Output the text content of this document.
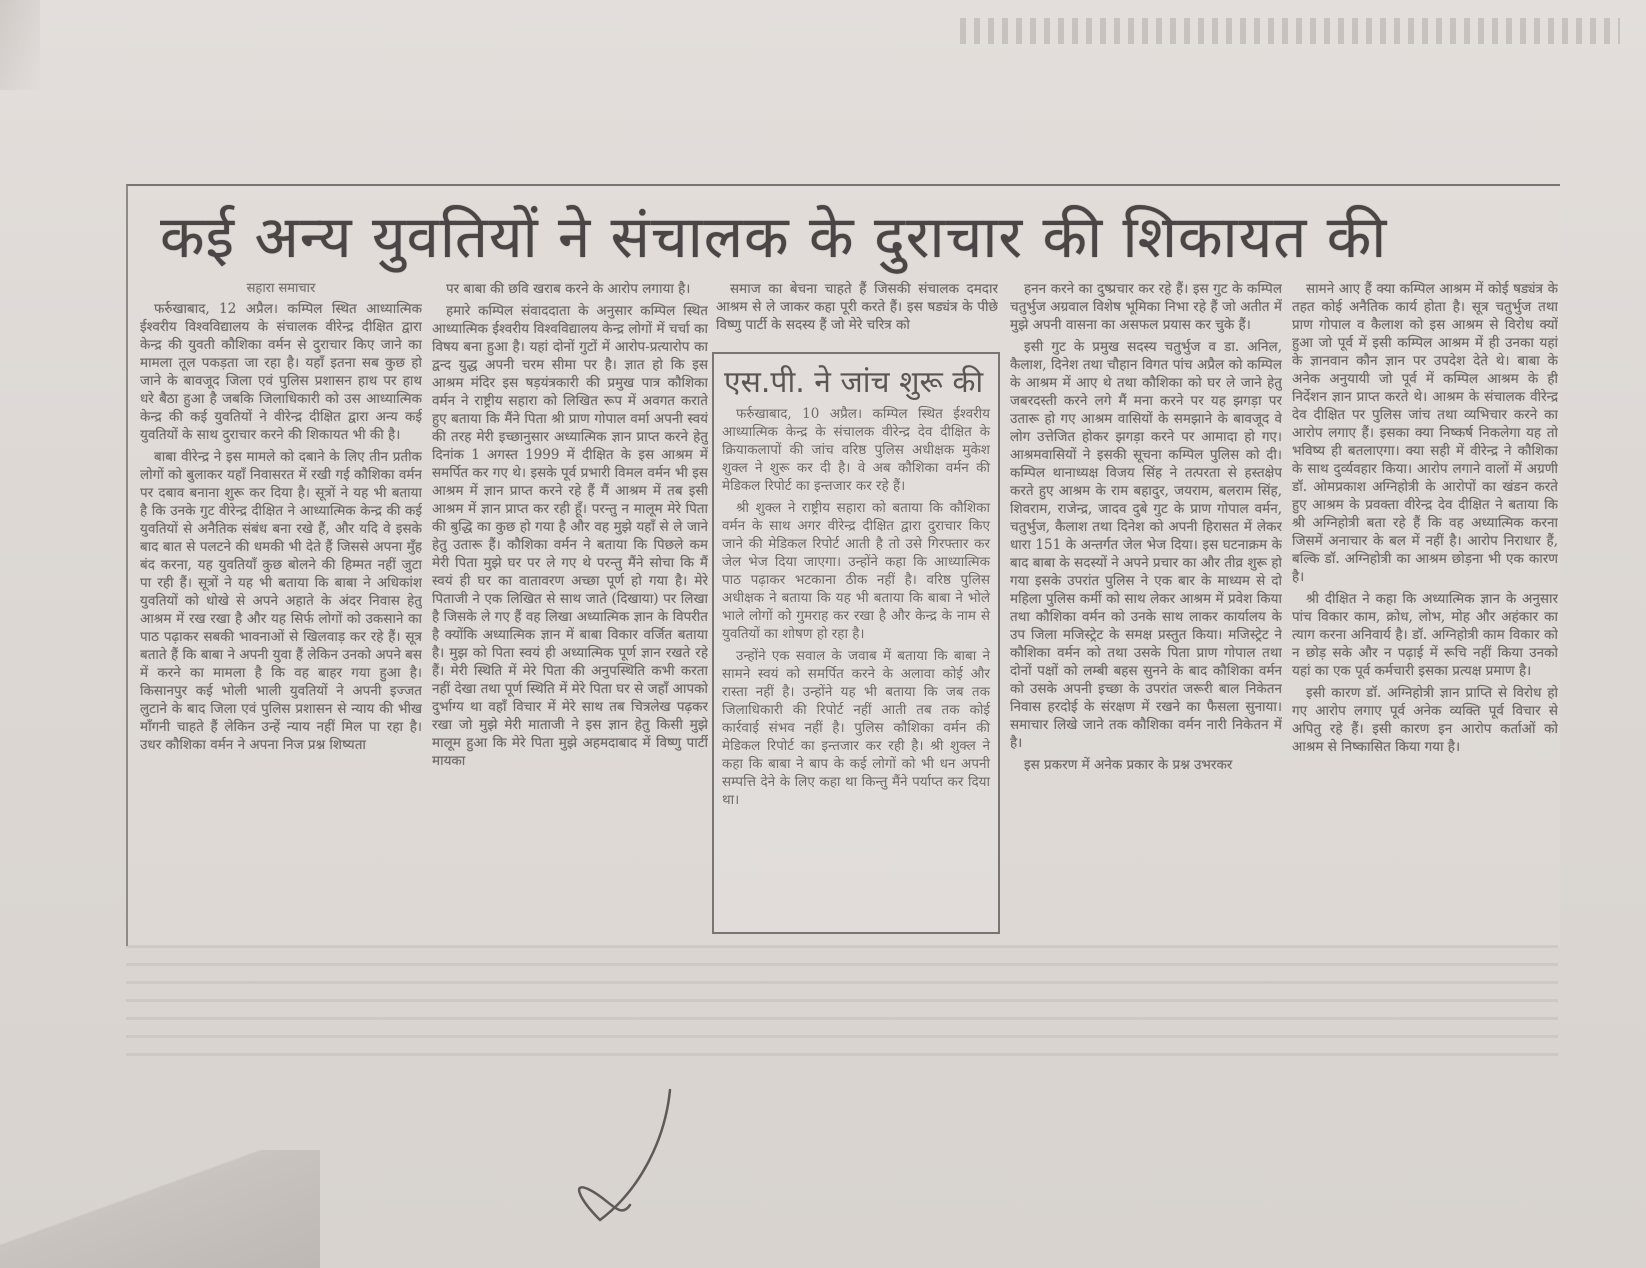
कई अन्य युवतियों ने संचालक के दुराचार की शिकायत की
सहारा समाचार

फर्रुखाबाद, 12 अप्रैल। कम्पिल स्थित आध्यात्मिक ईश्वरीय विश्वविद्यालय के संचालक वीरेन्द्र दीक्षित द्वारा केन्द्र की युवती कौशिका वर्मन से दुराचार किए जाने का मामला तूल पकड़ता जा रहा है। यहाँ इतना सब कुछ हो जाने के बावजूद जिला एवं पुलिस प्रशासन हाथ पर हाथ धरे बैठा हुआ है जबकि जिलाधिकारी को उस आध्यात्मिक केन्द्र की कई युवतियों ने वीरेन्द्र दीक्षित द्वारा अन्य कई युवतियों के साथ दुराचार करने की शिकायत भी की है।

बाबा वीरेन्द्र ने इस मामले को दबाने के लिए तीन प्रतीक लोगों को बुलाकर यहाँ निवासरत में रखी गई कौशिका वर्मन पर दबाव बनाना शुरू कर दिया है। सूत्रों ने यह भी बताया है कि उनके गुट वीरेन्द्र दीक्षित ने आध्यात्मिक केन्द्र की कई युवतियों से अनैतिक संबंध बना रखे हैं, और यदि वे इसके बाद बात से पलटने की धमकी भी देते हैं जिससे अपना मुँह बंद करना, यह युवतियाँ कुछ बोलने की हिम्मत नहीं जुटा पा रही हैं। सूत्रों ने यह भी बताया कि बाबा ने अधिकांश युवतियों को धोखे से अपने अहाते के अंदर निवास हेतु आश्रम में रख रखा है और यह सिर्फ लोगों को उकसाने का पाठ पढ़ाकर सबकी भावनाओं से खिलवाड़ कर रहे हैं। सूत्र बताते हैं कि बाबा ने अपनी युवा हैं लेकिन उनको अपने बस में करने का मामला है कि वह बाहर गया हुआ है। किसानपुर कई भोली भाली युवतियों ने अपनी इज्जत लुटाने के बाद जिला एवं पुलिस प्रशासन से न्याय की भीख माँगनी चाहते हैं लेकिन उन्हें न्याय नहीं मिल पा रहा है। उधर कौशिका वर्मन ने अपना निज प्रश्न शिष्यता

पर बाबा की छवि खराब करने के आरोप लगाया है।

हमारे कम्पिल संवाददाता के अनुसार कम्पिल स्थित आध्यात्मिक ईश्वरीय विश्वविद्यालय केन्द्र लोगों में चर्चा का विषय बना हुआ है। यहां दोनों गुटों में आरोप-प्रत्यारोप का द्वन्द युद्ध अपनी चरम सीमा पर है। ज्ञात हो कि इस आश्रम मंदिर इस षड़यंत्रकारी की प्रमुख पात्र कौशिका वर्मन ने राष्ट्रीय सहारा को लिखित रूप में अवगत कराते हुए बताया कि मैंने पिता श्री प्राण गोपाल वर्मा अपनी स्वयं की तरह मेरी इच्छानुसार अध्यात्मिक ज्ञान प्राप्त करने हेतु दिनांक 1 अगस्त 1999 में दीक्षित के इस आश्रम में समर्पित कर गए थे। इसके पूर्व प्रभारी विमल वर्मन भी इस आश्रम में ज्ञान प्राप्त करने रहे हैं मैं आश्रम में तब इसी आश्रम में ज्ञान प्राप्त कर रही हूँ। परन्तु न मालूम मेरे पिता की बुद्धि का कुछ हो गया है और वह मुझे यहाँ से ले जाने हेतु उतारू हैं। कौशिका वर्मन ने बताया कि पिछले कम मेरी पिता मुझे घर पर ले गए थे परन्तु मैंने सोचा कि मैं स्वयं ही घर का वातावरण अच्छा पूर्ण हो गया है। मेरे पिताजी ने एक लिखित से साथ जाते (दिखाया) पर लिखा है जिसके ले गए हैं वह लिखा अध्यात्मिक ज्ञान के विपरीत है क्योंकि अध्यात्मिक ज्ञान में बाबा विकार वर्जित बताया है। मुझ को पिता स्वयं ही अध्यात्मिक पूर्ण ज्ञान रखते रहे हैं। मेरी स्थिति में मेरे पिता की अनुपस्थिति कभी करता नहीं देखा तथा पूर्ण स्थिति में मेरे पिता घर से जहाँ आपको दुर्भाग्य था वहाँ विचार में मेरे साथ तब चित्रलेख पढ़कर रखा जो मुझे मेरी माताजी ने इस ज्ञान हेतु किसी मुझे मालूम हुआ कि मेरे पिता मुझे अहमदाबाद में विष्णु पार्टी मायका

समाज का बेचना चाहते हैं जिसकी संचालक दमदार आश्रम से ले जाकर कहा पूरी करते हैं। इस षड्यंत्र के पीछे विष्णु पार्टी के सदस्य हैं जो मेरे चरित्र को

एस.पी. ने जांच शुरू की

फर्रुखाबाद, 10 अप्रैल। कम्पिल स्थित ईश्वरीय आध्यात्मिक केन्द्र के संचालक वीरेन्द्र देव दीक्षित के क्रियाकलापों की जांच वरिष्ठ पुलिस अधीक्षक मुकेश शुक्ल ने शुरू कर दी है। वे अब कौशिका वर्मन की मेडिकल रिपोर्ट का इन्तजार कर रहे हैं।

श्री शुक्ल ने राष्ट्रीय सहारा को बताया कि कौशिका वर्मन के साथ अगर वीरेन्द्र दीक्षित द्वारा दुराचार किए जाने की मेडिकल रिपोर्ट आती है तो उसे गिरफ्तार कर जेल भेज दिया जाएगा। उन्होंने कहा कि आध्यात्मिक पाठ पढ़ाकर भटकाना ठीक नहीं है। वरिष्ठ पुलिस अधीक्षक ने बताया कि यह भी बताया कि बाबा ने भोले भाले लोगों को गुमराह कर रखा है और केन्द्र के नाम से युवतियों का शोषण हो रहा है।

उन्होंने एक सवाल के जवाब में बताया कि बाबा ने सामने स्वयं को समर्पित करने के अलावा कोई और रास्ता नहीं है। उन्होंने यह भी बताया कि जब तक जिलाधिकारी की रिपोर्ट नहीं आती तब तक कोई कार्रवाई संभव नहीं है। पुलिस कौशिका वर्मन की मेडिकल रिपोर्ट का इन्तजार कर रही है। श्री शुक्ल ने कहा कि बाबा ने बाप के कई लोगों को भी धन अपनी सम्पत्ति देने के लिए कहा था किन्तु मैंने पर्याप्त कर दिया था।

हनन करने का दुष्प्रचार कर रहे हैं। इस गुट के कम्पिल चतुर्भुज अग्रवाल विशेष भूमिका निभा रहे हैं जो अतीत में मुझे अपनी वासना का असफल प्रयास कर चुके हैं।

इसी गुट के प्रमुख सदस्य चतुर्भुज व डा. अनिल, कैलाश, दिनेश तथा चौहान विगत पांच अप्रैल को कम्पिल के आश्रम में आए थे तथा कौशिका को घर ले जाने हेतु जबरदस्ती करने लगे मैं मना करने पर यह झगड़ा पर उतारू हो गए आश्रम वासियों के समझाने के बावजूद वे लोग उत्तेजित होकर झगड़ा करने पर आमादा हो गए। आश्रमवासियों ने इसकी सूचना कम्पिल पुलिस को दी। कम्पिल थानाध्यक्ष विजय सिंह ने तत्परता से हस्तक्षेप करते हुए आश्रम के राम बहादुर, जयराम, बलराम सिंह, शिवराम, राजेन्द्र, जादव दुबे गुट के प्राण गोपाल वर्मन, चतुर्भुज, कैलाश तथा दिनेश को अपनी हिरासत में लेकर धारा 151 के अन्तर्गत जेल भेज दिया। इस घटनाक्रम के बाद बाबा के सदस्यों ने अपने प्रचार का और तीव्र शुरू हो गया इसके उपरांत पुलिस ने एक बार के माध्यम से दो महिला पुलिस कर्मी को साथ लेकर आश्रम में प्रवेश किया तथा कौशिका वर्मन को उनके साथ लाकर कार्यालय के उप जिला मजिस्ट्रेट के समक्ष प्रस्तुत किया। मजिस्ट्रेट ने कौशिका वर्मन को तथा उसके पिता प्राण गोपाल तथा दोनों पक्षों को लम्बी बहस सुनने के बाद कौशिका वर्मन को उसके अपनी इच्छा के उपरांत जरूरी बाल निकेतन निवास हरदोई के संरक्षण में रखने का फैसला सुनाया। समाचार लिखे जाने तक कौशिका वर्मन नारी निकेतन में है।

इस प्रकरण में अनेक प्रकार के प्रश्न उभरकर

सामने आए हैं क्या कम्पिल आश्रम में कोई षड्यंत्र के तहत कोई अनैतिक कार्य होता है। सूत्र चतुर्भुज तथा प्राण गोपाल व कैलाश को इस आश्रम से विरोध क्यों हुआ जो पूर्व में इसी कम्पिल आश्रम में ही उनका यहां के ज्ञानवान कौन ज्ञान पर उपदेश देते थे। बाबा के अनेक अनुयायी जो पूर्व में कम्पिल आश्रम के ही निर्देशन ज्ञान प्राप्त करते थे। आश्रम के संचालक वीरेन्द्र देव दीक्षित पर पुलिस जांच तथा व्यभिचार करने का आरोप लगाए हैं। इसका क्या निष्कर्ष निकलेगा यह तो भविष्य ही बतलाएगा। क्या सही में वीरेन्द्र ने कौशिका के साथ दुर्व्यवहार किया। आरोप लगाने वालों में अग्रणी डॉ. ओमप्रकाश अग्निहोत्री के आरोपों का खंडन करते हुए आश्रम के प्रवक्ता वीरेन्द्र देव दीक्षित ने बताया कि श्री अग्निहोत्री बता रहे हैं कि वह अध्यात्मिक करना जिसमें अनाचार के बल में नहीं है। आरोप निराधार हैं, बल्कि डॉ. अग्निहोत्री का आश्रम छोड़ना भी एक कारण है।

श्री दीक्षित ने कहा कि अध्यात्मिक ज्ञान के अनुसार पांच विकार काम, क्रोध, लोभ, मोह और अहंकार का त्याग करना अनिवार्य है। डॉ. अग्निहोत्री काम विकार को न छोड़ सके और न पढ़ाई में रूचि नहीं किया उनको यहां का एक पूर्व कर्मचारी इसका प्रत्यक्ष प्रमाण है।

इसी कारण डॉ. अग्निहोत्री ज्ञान प्राप्ति से विरोध हो गए आरोप लगाए पूर्व अनेक व्यक्ति पूर्व विचार से अपितु रहे हैं। इसी कारण इन आरोप कर्ताओं को आश्रम से निष्कासित किया गया है।
